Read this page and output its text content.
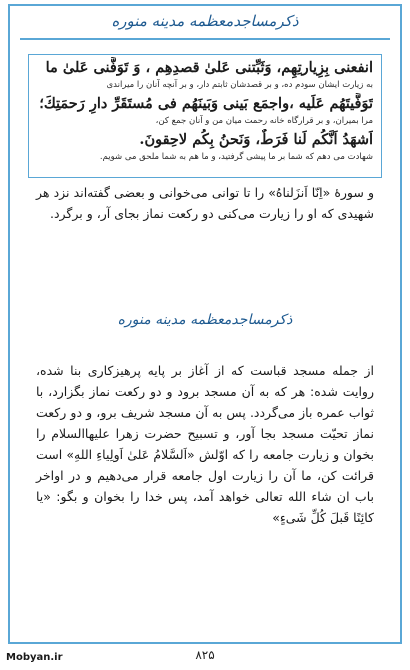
ذکرمساجدمعظمه مدینه منوره
انفعنی بِزِیارتِهِم، وَثَبِّتنی عَلیٰ قصدِهِم ، وَ تَوَفَّنی عَلیٰ ما
به زیارت ایشان سودم ده، و بر قصدشان ثابتم دار، و بر آنچه آنان را میراندی
تَوَفَّیتَهُم عَلَیه ،واجمَع بَینی وَبَینَهُم فی مُستَقَرِّ دارِ رَحمَتِكَ؛
مرا بمیران، و بر قرارگاه خانه رحمت میان من و آنان جمع کن،
اَشهَدُ اَنَّکُم لَنا فَرَطٌ، وَنَحنُ بِکُم لاحِقونَ.
شهادت می دهم که شما بر ما پیشی گرفتید، و ما هم به شما ملحق می شویم.
و سورۀ «اِنّا اَنزَلناهُ» را تا توانی می‌خوانی و بعضی گفته‌اند نزد هر شهیدی که او را زیارت می‌کنی دو رکعت نماز بجای آر، و برگرد.
ذکرمساجدمعظمه مدینه منوره
از جمله مسجد قباست که از آغاز بر پایه پرهیزکاری بنا شده، روایت شده: هر که به آن مسجد برود و دو رکعت نماز بگزارد، با ثواب عمره باز می‌گردد. پس به آن مسجد شریف برو، و دو رکعت نماز تحیّت مسجد بجا آور، و تسبیح حضرت زهرا عليها‌السلام را بخوان و زیارت جامعه را که اوّلش «اَلسَّلامُ عَلیٰ اَولِیاءِ اللهِ» است قرائت کن، ما آن را زیارت اول جامعه قرار می‌دهیم و در اواخر باب ان شاء الله تعالی خواهد آمد، پس خدا را بخوان و بگو: «یا کائِنًا قَبلَ کُلِّ شَیءٍ»
۸۲۵
Mobyan.ir
